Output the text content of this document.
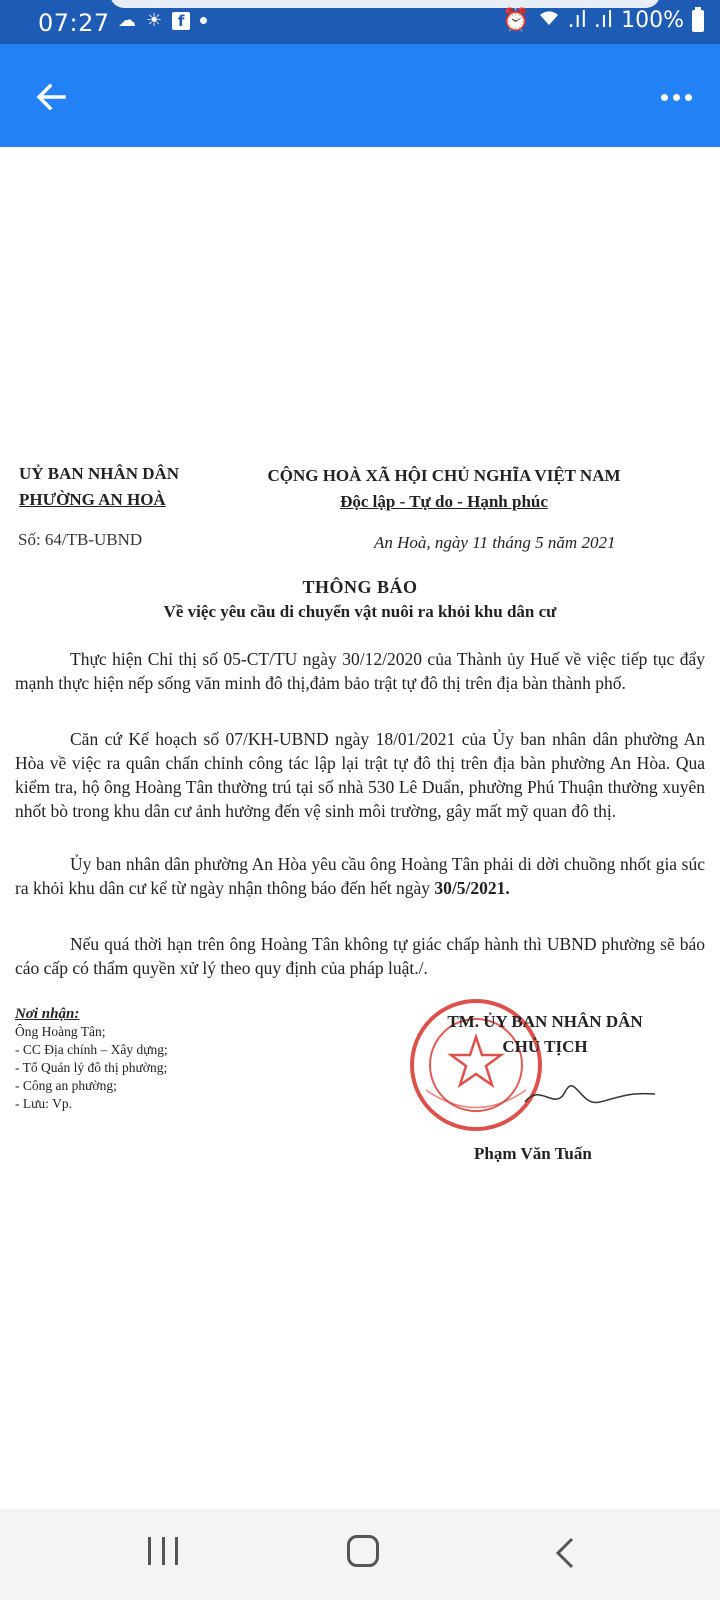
07:27 ☁ ☀	f	⏰ .ıl .ıl 100%
UỶ BAN NHÂN DÂN
PHƯỜNG AN HOÀ
CỘNG HOÀ XÃ HỘI CHỦ NGHĨA VIỆT NAM
Độc lập - Tự do - Hạnh phúc
Số: 64/TB-UBND	An Hoà, ngày 11 tháng 5 năm 2021
THÔNG BÁO
Về việc yêu cầu di chuyển vật nuôi ra khỏi khu dân cư
Thực hiện Chỉ thị số 05-CT/TU ngày 30/12/2020 của Thành ủy Huế về việc tiếp tục đẩy mạnh thực hiện nếp sống văn minh đô thị,đảm bảo trật tự đô thị trên địa bàn thành phố.
Căn cứ Kế hoạch số 07/KH-UBND ngày 18/01/2021 của Ủy ban nhân dân phường An Hòa về việc ra quân chấn chỉnh công tác lập lại trật tự đô thị trên địa bàn phường An Hòa. Qua kiểm tra, hộ ông Hoàng Tân thường trú tại số nhà 530 Lê Duẩn, phường Phú Thuận thường xuyên nhốt bò trong khu dân cư ảnh hưởng đến vệ sinh môi trường, gây mất mỹ quan đô thị.
Ủy ban nhân dân phường An Hòa yêu cầu ông Hoàng Tân phải di dời chuồng nhốt gia súc ra khỏi khu dân cư kể từ ngày nhận thông báo đến hết ngày 30/5/2021.
Nếu quá thời hạn trên ông Hoàng Tân không tự giác chấp hành thì UBND phường sẽ báo cáo cấp có thẩm quyền xử lý theo quy định của pháp luật./.
Nơi nhận:
Ông Hoàng Tân;
- CC Địa chính – Xây dựng;
- Tổ Quản lý đô thị phường;
- Công an phường;
- Lưu: Vp.
TM. ỦY BAN NHÂN DÂN
CHỦ TỊCH
Phạm Văn Tuấn
